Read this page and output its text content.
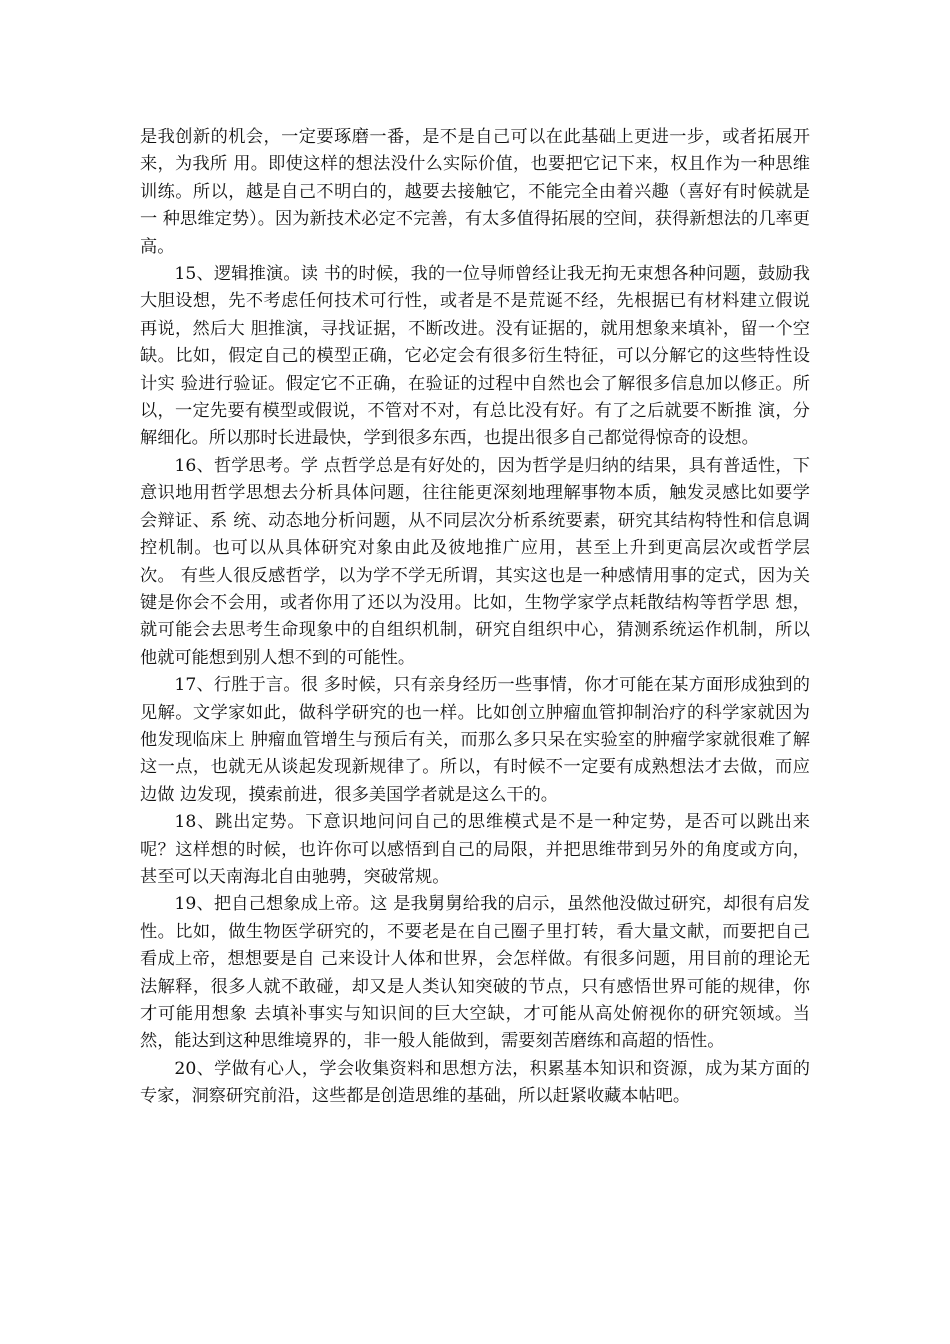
是我创新的机会，一定要琢磨一番，是不是自己可以在此基础上更进一步，或者拓展开来，为我所 用。即使这样的想法没什么实际价值，也要把它记下来，权且作为一种思维训练。所以，越是自己不明白的，越要去接触它，不能完全由着兴趣（喜好有时候就是一 种思维定势）。因为新技术必定不完善，有太多值得拓展的空间，获得新想法的几率更高。

15、逻辑推演。读 书的时候，我的一位导师曾经让我无拘无束想各种问题，鼓励我大胆设想，先不考虑任何技术可行性，或者是不是荒诞不经，先根据已有材料建立假说再说，然后大 胆推演，寻找证据，不断改进。没有证据的，就用想象来填补，留一个空缺。比如，假定自己的模型正确，它必定会有很多衍生特征，可以分解它的这些特性设计实 验进行验证。假定它不正确，在验证的过程中自然也会了解很多信息加以修正。所以，一定先要有模型或假说，不管对不对，有总比没有好。有了之后就要不断推 演，分解细化。所以那时长进最快，学到很多东西，也提出很多自己都觉得惊奇的设想。

16、哲学思考。学 点哲学总是有好处的，因为哲学是归纳的结果，具有普适性，下意识地用哲学思想去分析具体问题，往往能更深刻地理解事物本质，触发灵感比如要学会辩证、系 统、动态地分析问题，从不同层次分析系统要素，研究其结构特性和信息调控机制。也可以从具体研究对象由此及彼地推广应用，甚至上升到更高层次或哲学层次。 有些人很反感哲学，以为学不学无所谓，其实这也是一种感情用事的定式，因为关键是你会不会用，或者你用了还以为没用。比如，生物学家学点耗散结构等哲学思 想，就可能会去思考生命现象中的自组织机制，研究自组织中心，猜测系统运作机制，所以他就可能想到别人想不到的可能性。

17、行胜于言。很 多时候，只有亲身经历一些事情，你才可能在某方面形成独到的见解。文学家如此，做科学研究的也一样。比如创立肿瘤血管抑制治疗的科学家就因为他发现临床上 肿瘤血管增生与预后有关，而那么多只呆在实验室的肿瘤学家就很难了解这一点，也就无从谈起发现新规律了。所以，有时候不一定要有成熟想法才去做，而应边做 边发现，摸索前进，很多美国学者就是这么干的。

18、跳出定势。下意识地问问自己的思维模式是不是一种定势，是否可以跳出来呢？这样想的时候，也许你可以感悟到自己的局限，并把思维带到另外的角度或方向，甚至可以天南海北自由驰骋，突破常规。

19、把自己想象成上帝。这 是我舅舅给我的启示，虽然他没做过研究，却很有启发性。比如，做生物医学研究的，不要老是在自己圈子里打转，看大量文献，而要把自己看成上帝，想想要是自 己来设计人体和世界，会怎样做。有很多问题，用目前的理论无法解释，很多人就不敢碰，却又是人类认知突破的节点，只有感悟世界可能的规律，你才可能用想象 去填补事实与知识间的巨大空缺，才可能从高处俯视你的研究领域。当然，能达到这种思维境界的，非一般人能做到，需要刻苦磨练和高超的悟性。

20、学做有心人，学会收集资料和思想方法，积累基本知识和资源，成为某方面的专家，洞察研究前沿，这些都是创造思维的基础，所以赶紧收藏本帖吧。
